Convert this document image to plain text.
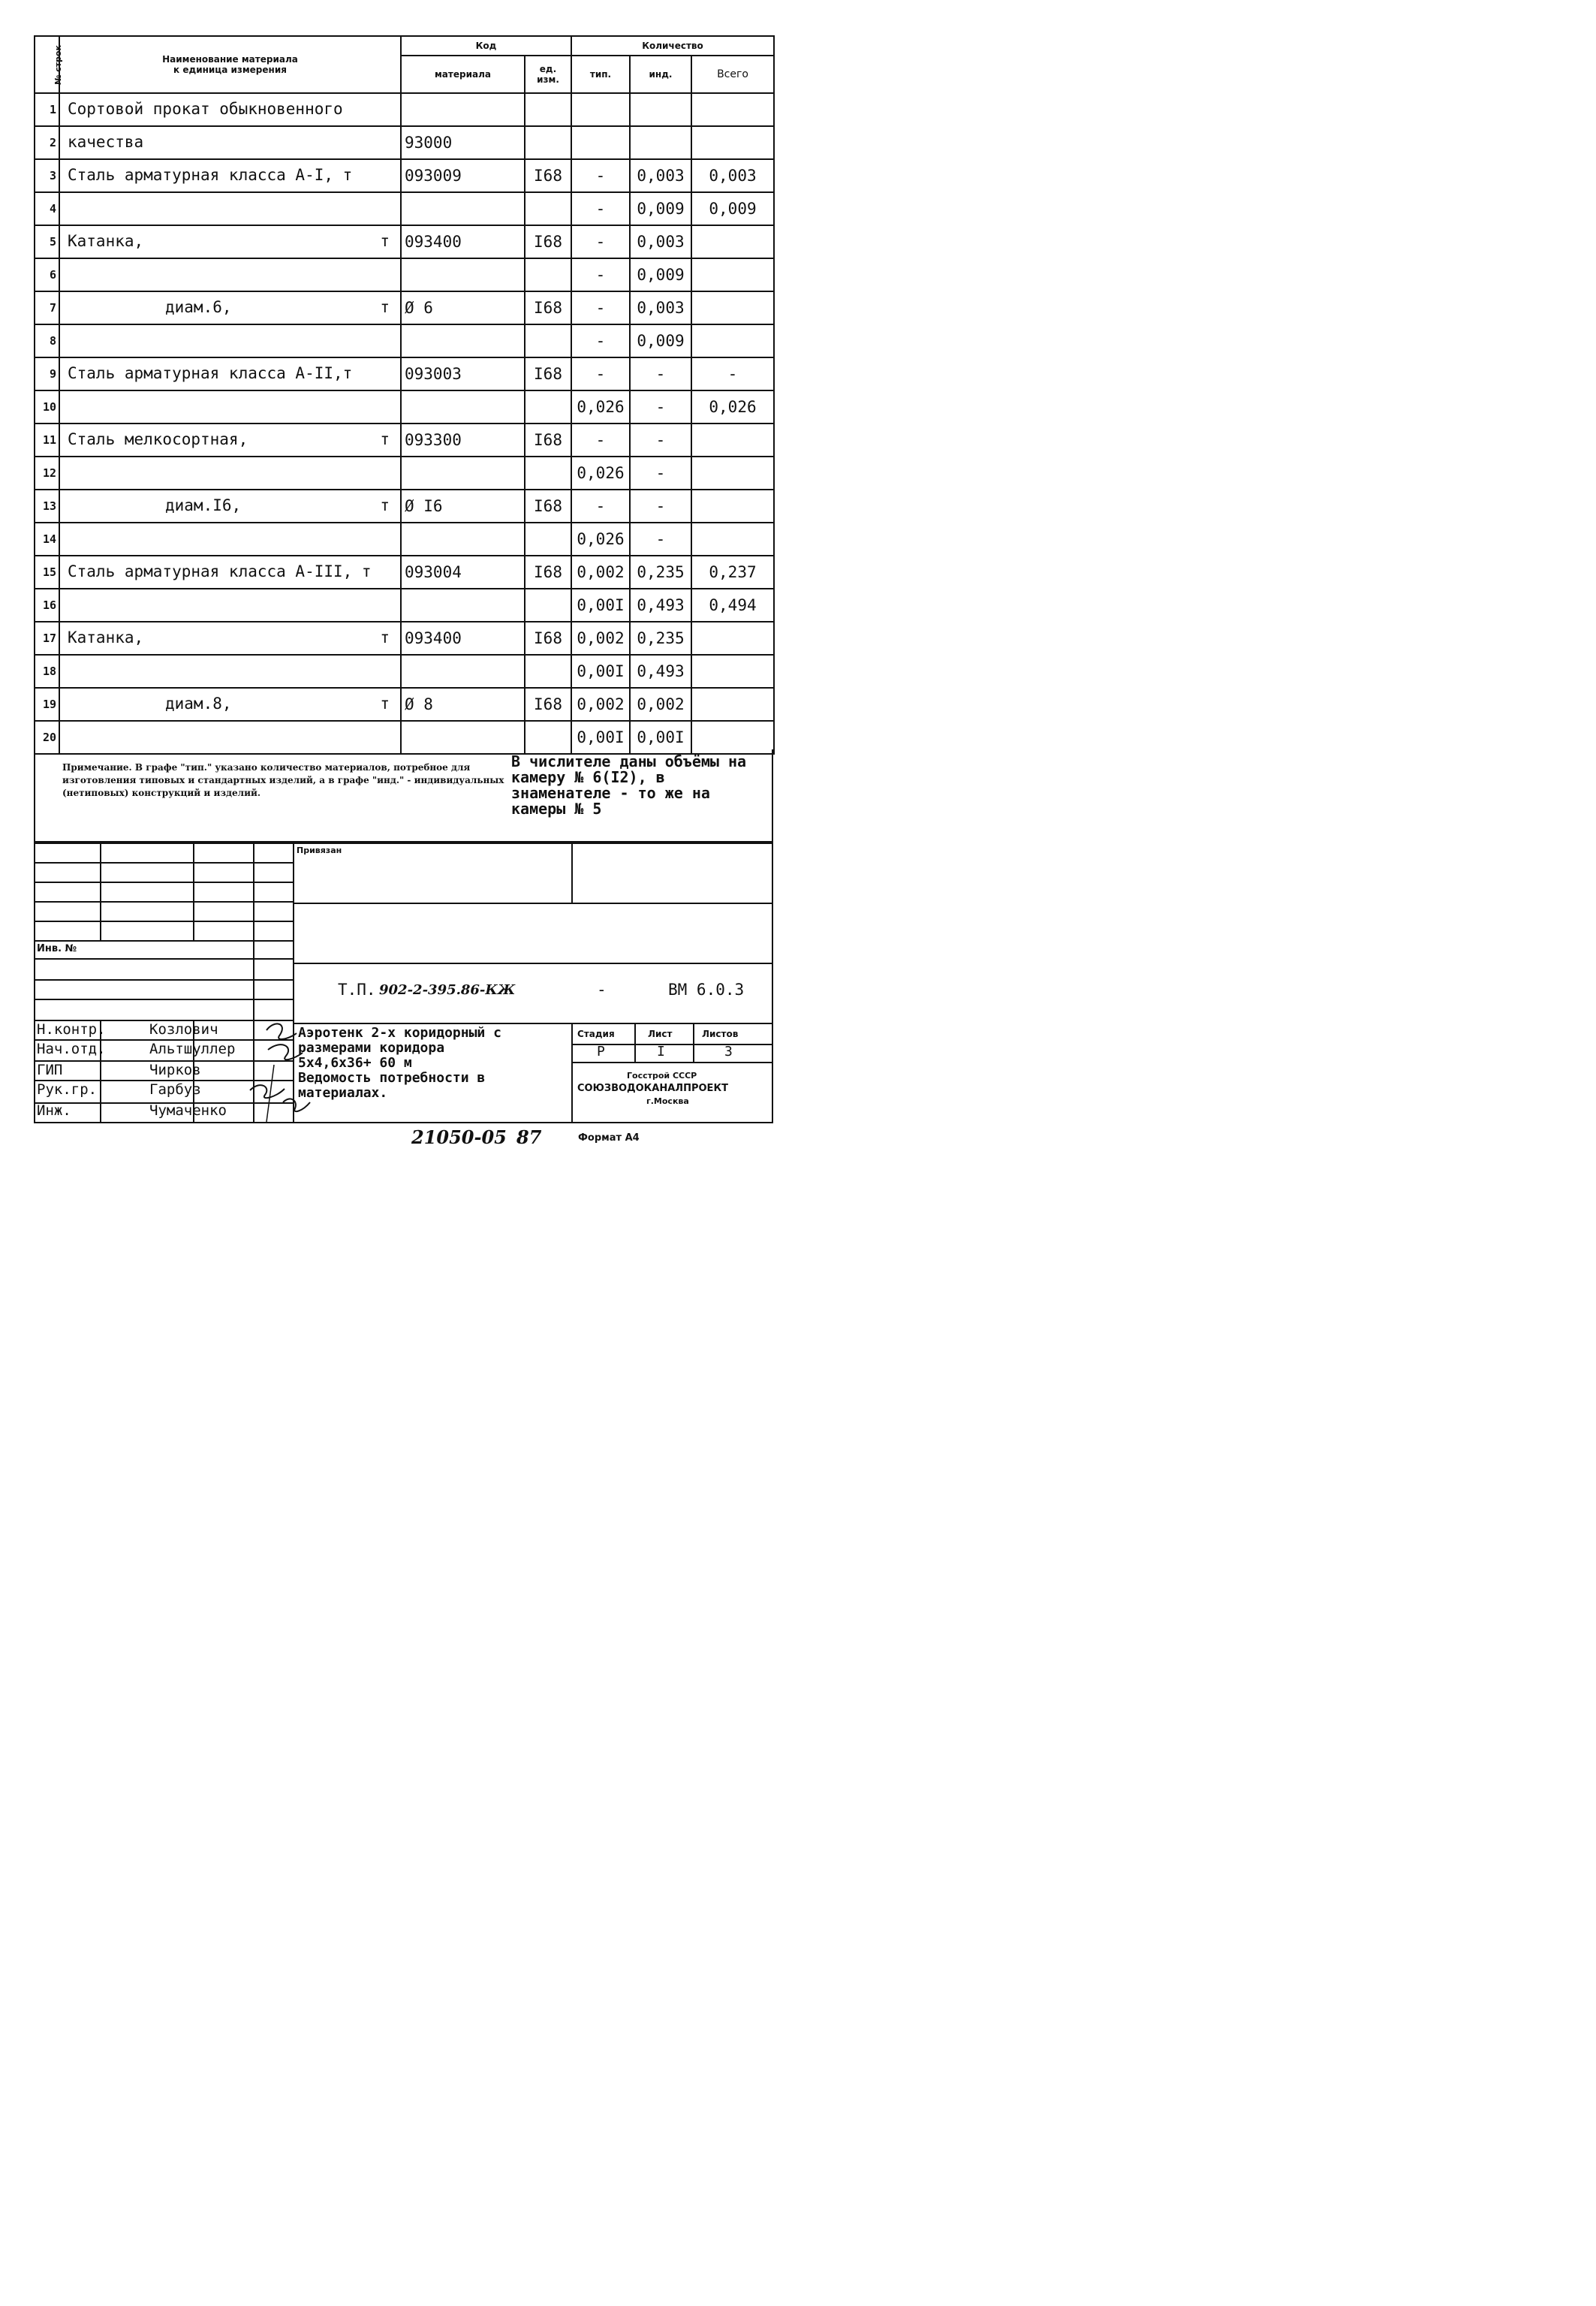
№ строк	Наименование материала
к единица измерения	Код		Количество		
		материала	ед. изм.	тип.	инд.	Всего
1	Сортовой прокат обыкновенного					

2	качества	93000				
3	Сталь арматурная класса А-I, т	093009	I68	-	0,003	0,003
4				-	0,009	0,009
5	Катанка, т	093400	I68	-	0,003	
6				-	0,009	
7	диам.6, т	Ø 6	I68	-	0,003	
8				-	0,009	
9	Сталь арматурная класса А-II,т	093003	I68	-	-	-
10				0,026	-	0,026
11	Сталь мелкосортная, т	093300	I68	-	-	
12				0,026	-	
13	диам.I6, т	Ø I6	I68	-	-	
14				0,026	-	
15	Сталь арматурная класса А-III, т	093004	I68	0,002	0,235	0,237
16				0,00I	0,493	0,494
17	Катанка, т	093400	I68	0,002	0,235	
18				0,00I	0,493	
19	диам.8, т	Ø 8	I68	0,002	0,002	
20				0,00I	0,00I	
Примечание. В графе "тип." указано количество материалов, потребное для изготовления типовых и стандартных изделий, а в графе "инд." - индивидуальных (нетиповых) конструкций и изделий.
В числителе даны объёмы на камеру № 6(I2), в знаменателе - то же на камеры № 5
Привязан
Инв. №
Т.П. 902-2-395.86-КЖ	-	ВМ 6.0.3
Н.контр.	Козлович
Нач.отд.	Альтшуллер
ГИП	Чирков
Рук.гр.	Гарбуз
Инж.	Чумаченко
Аэротенк 2-х коридорный с
размерами коридора
5х4,6х36+ 60 м
Ведомость потребности в
материалах.
Стадия	Лист	Листов
Р	I	3
Госстрой СССР
СОЮЗВОДОКАНАЛПРОЕКТ
г.Москва
21050-05 87	Формат А4
